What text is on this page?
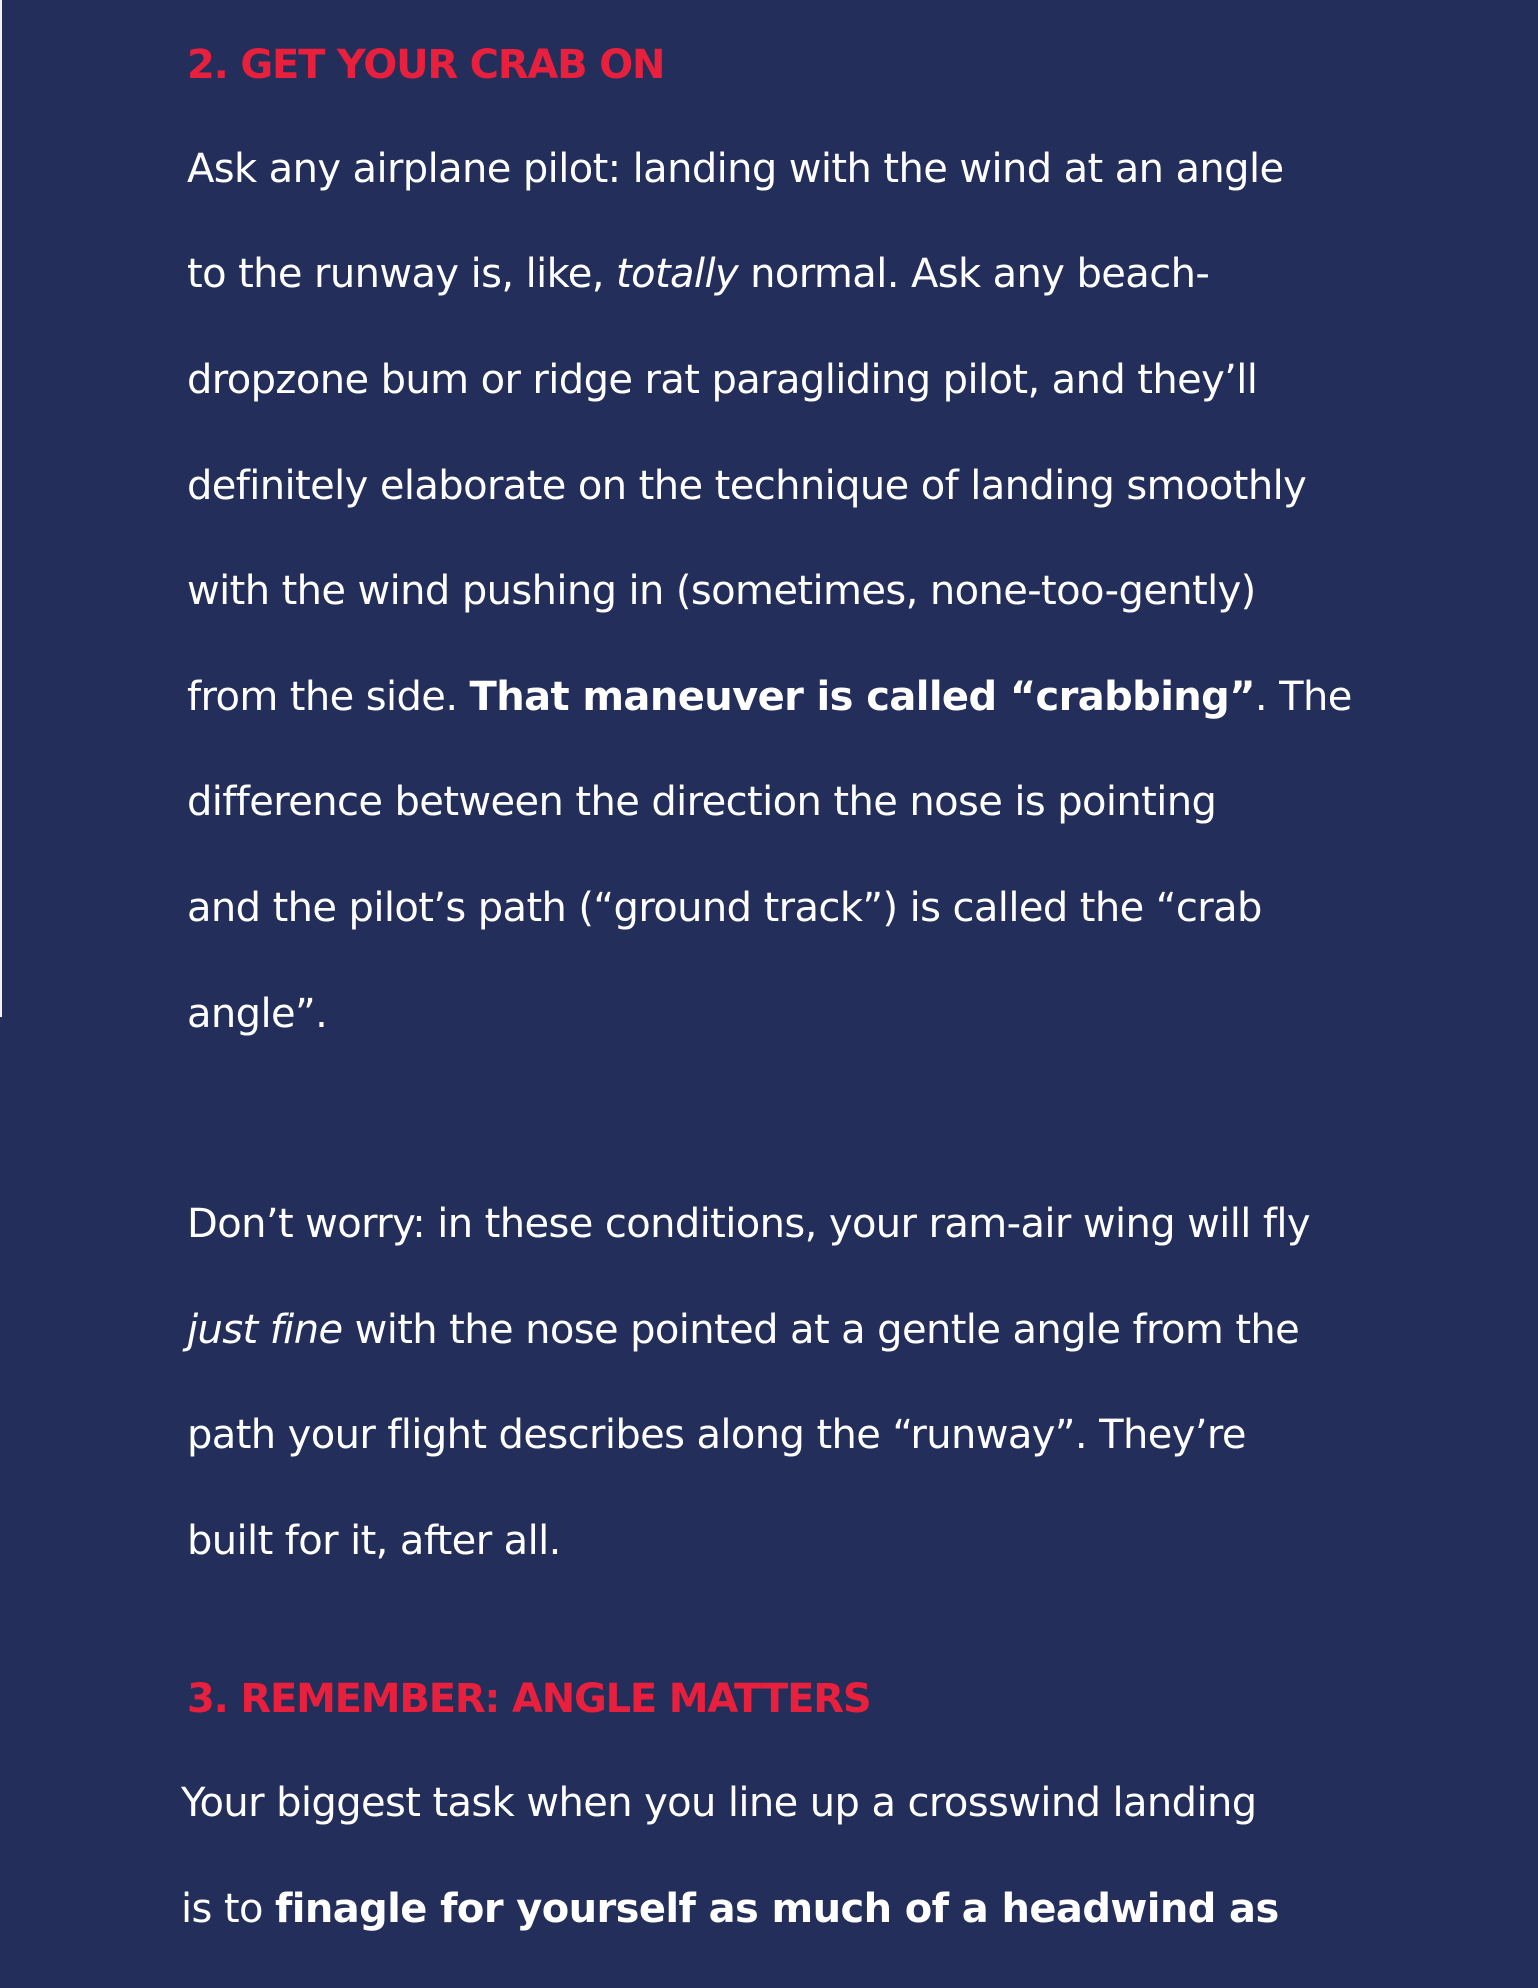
2. GET YOUR CRAB ON

Ask any airplane pilot: landing with the wind at an angle

to the runway is, like, totally normal. Ask any beach-

dropzone bum or ridge rat paragliding pilot, and they’ll

definitely elaborate on the technique of landing smoothly

with the wind pushing in (sometimes, none-too-gently)

from the side. That maneuver is called “crabbing”. The

difference between the direction the nose is pointing

and the pilot’s path (“ground track”) is called the “crab

angle”.

Don’t worry: in these conditions, your ram-air wing will fly

just fine with the nose pointed at a gentle angle from the

path your flight describes along the “runway”. They’re

built for it, after all.

3. REMEMBER: ANGLE MATTERS

Your biggest task when you line up a crosswind landing

is to finagle for yourself as much of a headwind as
